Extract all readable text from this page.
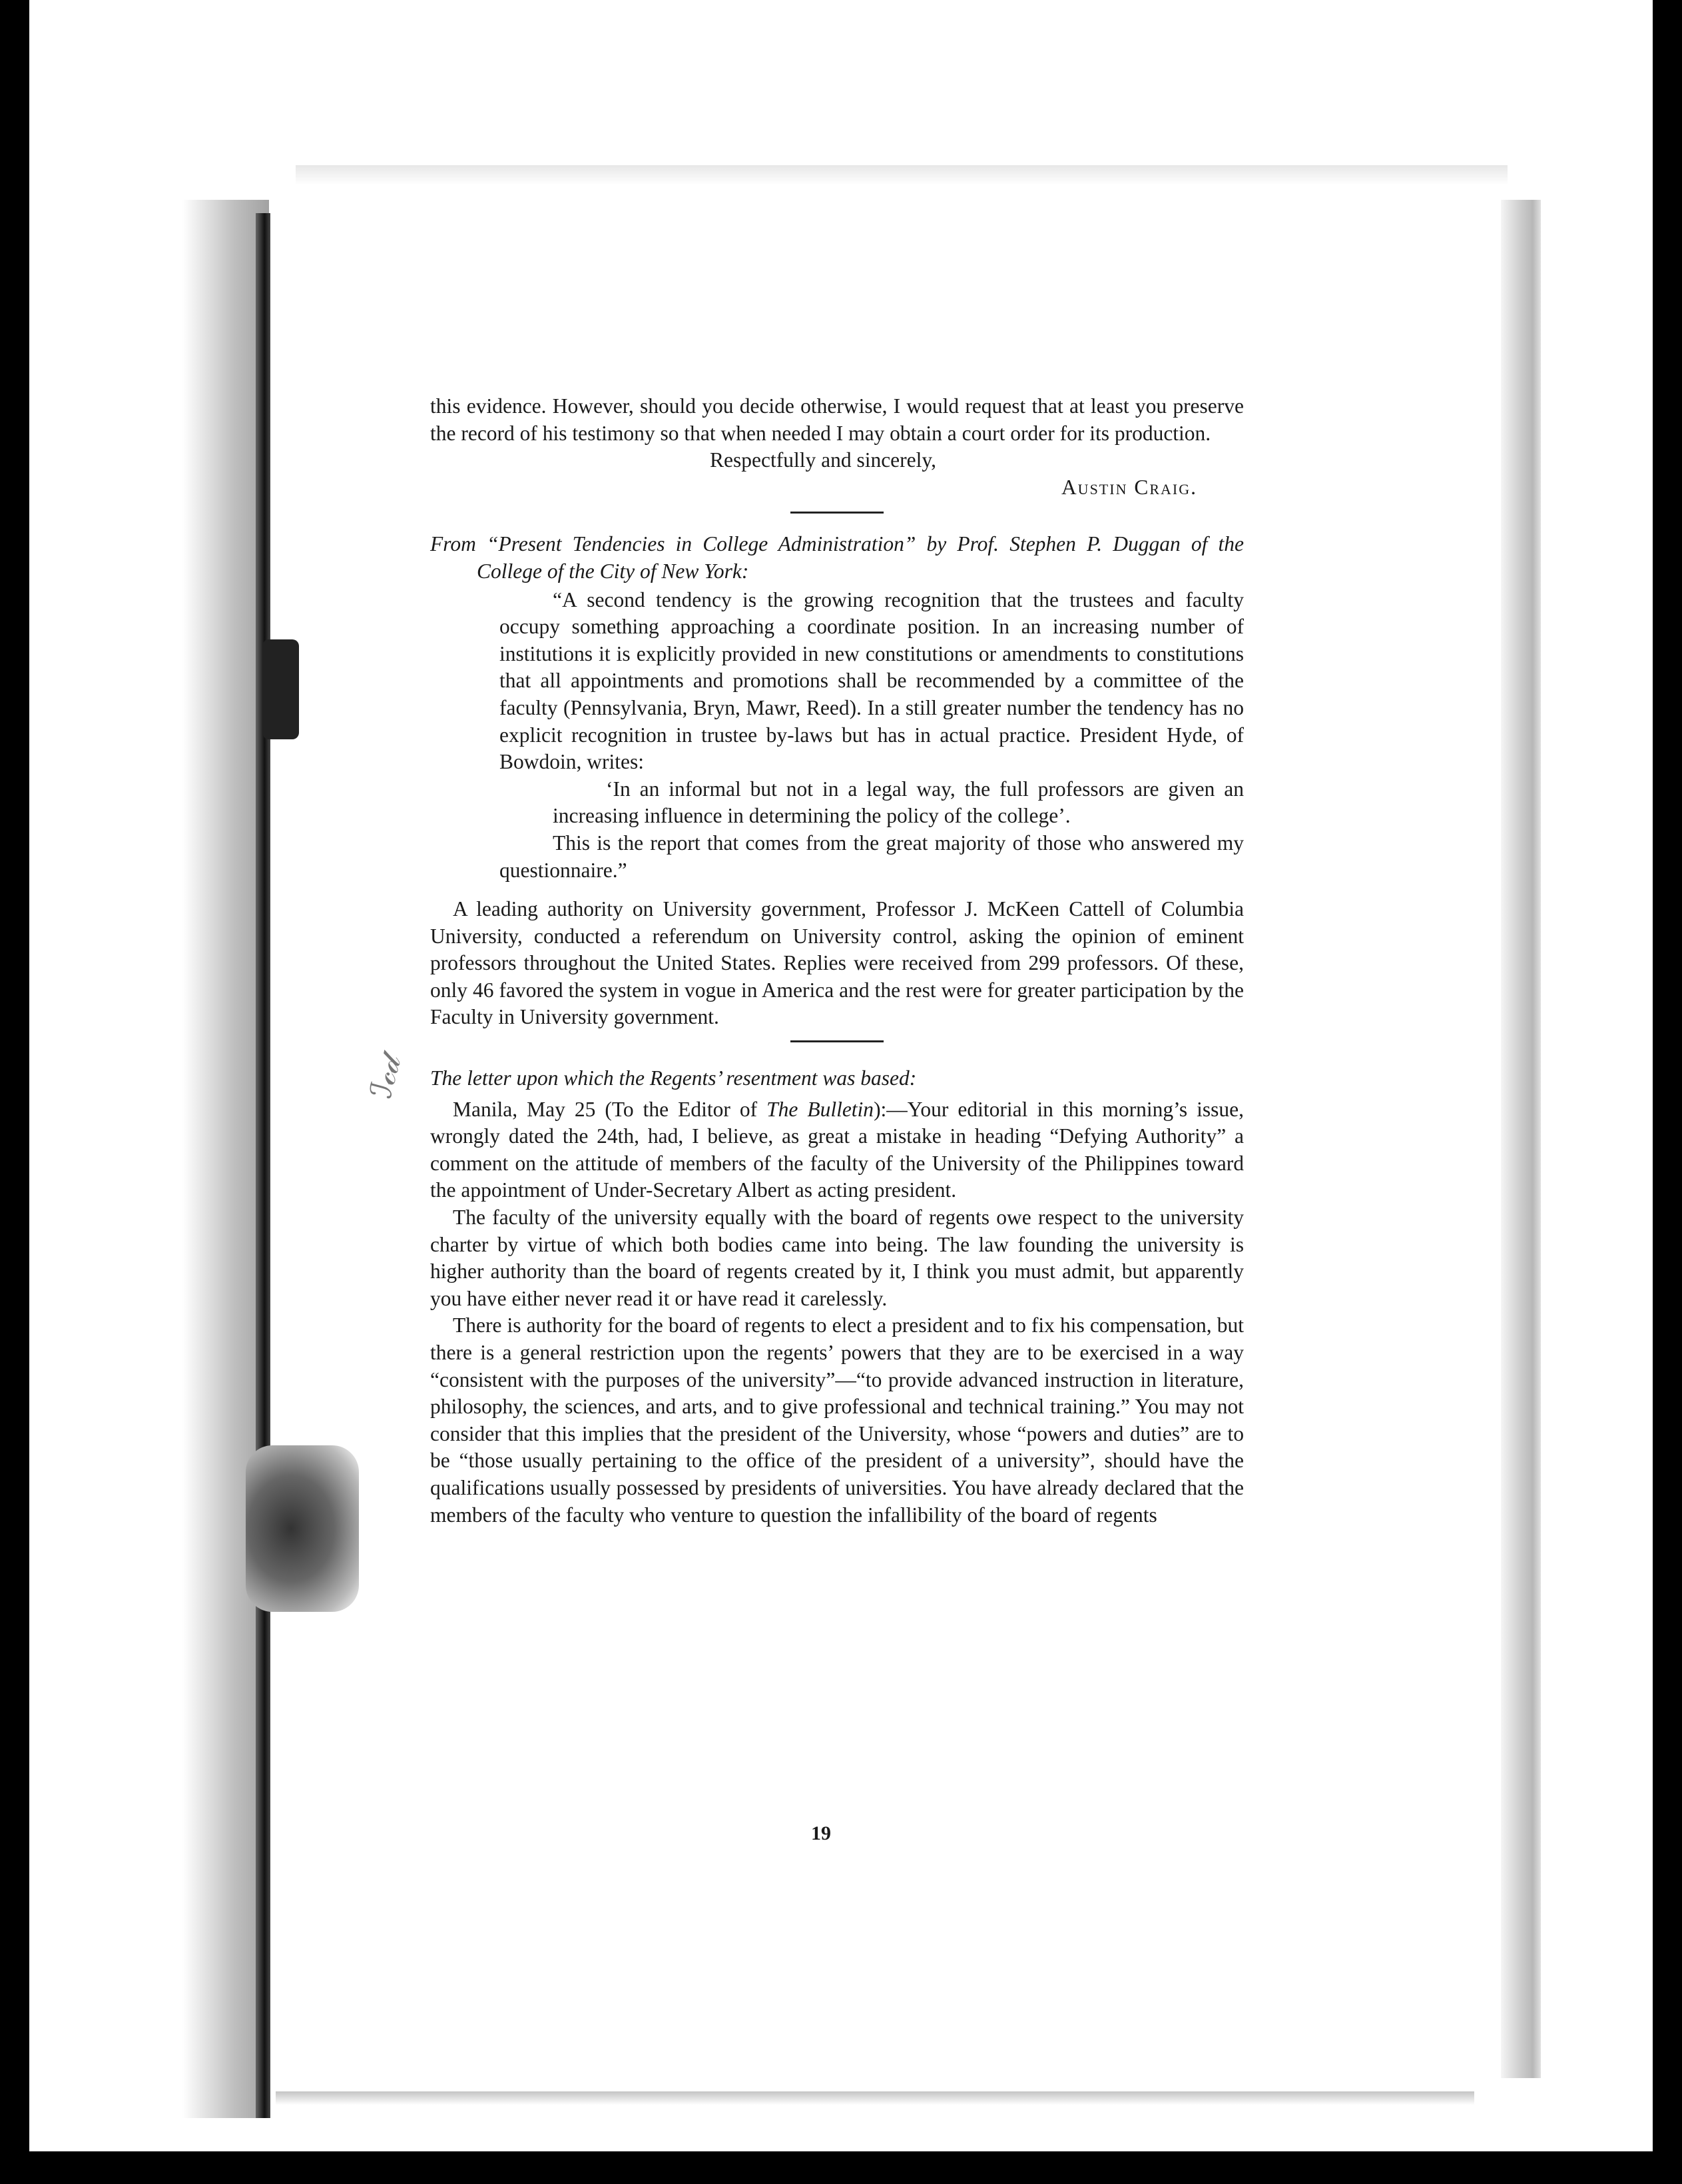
ℐ𝒸𝒹

this evidence. However, should you decide otherwise, I would request that at least you preserve the record of his testimony so that when needed I may obtain a court order for its production.

Respectfully and sincerely,

Austin Craig.

From “Present Tendencies in College Administration” by Prof. Stephen P. Duggan of the College of the City of New York:

“A second tendency is the growing recognition that the trustees and faculty occupy something approaching a coordinate position. In an increasing number of institutions it is explicitly provided in new constitutions or amendments to constitutions that all appointments and promotions shall be recommended by a committee of the faculty (Pennsylvania, Bryn, Mawr, Reed). In a still greater number the tendency has no explicit recognition in trustee by-laws but has in actual practice. President Hyde, of Bowdoin, writes:

‘In an informal but not in a legal way, the full professors are given an increasing influence in determining the policy of the college’.

This is the report that comes from the great majority of those who answered my questionnaire.”

A leading authority on University government, Professor J. McKeen Cattell of Columbia University, conducted a referendum on University control, asking the opinion of eminent professors throughout the United States. Replies were received from 299 professors. Of these, only 46 favored the system in vogue in America and the rest were for greater participation by the Faculty in University government.

The letter upon which the Regents’ resentment was based:

Manila, May 25 (To the Editor of The Bulletin):—Your editorial in this morning’s issue, wrongly dated the 24th, had, I believe, as great a mistake in heading “Defying Authority” a comment on the attitude of members of the faculty of the University of the Philippines toward the appointment of Under-Secretary Albert as acting president.

The faculty of the university equally with the board of regents owe respect to the university charter by virtue of which both bodies came into being. The law founding the university is higher authority than the board of regents created by it, I think you must admit, but apparently you have either never read it or have read it carelessly.

There is authority for the board of regents to elect a president and to fix his compensation, but there is a general restriction upon the regents’ powers that they are to be exercised in a way “consistent with the purposes of the university”—“to provide advanced instruction in literature, philosophy, the sciences, and arts, and to give professional and technical training.” You may not consider that this implies that the president of the University, whose “powers and duties” are to be “those usually pertaining to the office of the president of a university”, should have the qualifications usually possessed by presidents of universities. You have already declared that the members of the faculty who venture to question the infallibility of the board of regents

19
